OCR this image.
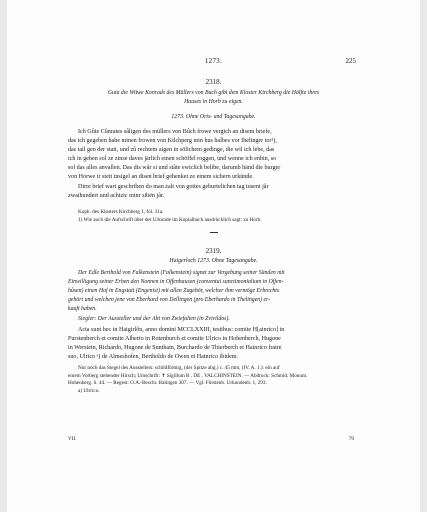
1273.	225
2318.
Guta die Witwe Konrads des Müllers von Buch gibt dem Kloster Kirchberg die Hälfte ihres
Hauses in Horb zu eigen.
1273. Ohne Orts- und Tagesangabe.
Ich Gûte Cûnrates sâligen des müllers von Bûch frowe vergich an disem briefe,
das ich gegeben habe minen frowen von Kilchperg min hus halbes vor Ihelinger tor¹),
das tail gen der statt, und zû rechtem aigen in sölichem gedinge, die wil ich lebe, das
ich in geben sol ze zinse daves järlich einen schöffel roggen, und wenne ich enbin, so
sol das alles anvallen. Das dis wâr si und stâte ewiclich belibe, darumb händ die burger
von Horwe ir stett insigel an disen brief gehenket ze einem sichern urkünde.
Dirre brief wart geschriben do man zalt von gottes geburtelichen tag tusent jâr
zwaihundert und achtzic minr sibën jâr.
Kopb. des Klosters Kirchberg 1, fol. 31a.
1) Wie auch die Aufschrift über der Urkunde im Kopialbuch ausdrücklich sagt: zu Horb.
2319.
Haigerloch 1273. Ohne Tagesangabe.
Der Edle Berthold von Falkenstein (Falkenstein) signet zur Vergebung seiner Sünden mit
Einwilligung seiner Erben den Nonnen in Offenhausen (conventui sanctimonialium in Offen-
hûsen) einen Hof in Engstatt (Engenist) mit allen Zugehör, welcher ihm vermöge Erbrechts
gehört und welchen jene von Eberhard von Dellingen (pro Eberhardo in Thelingen) er-
kauft haben.
Siegler: Der Aussteller und der Abt von Zwiefalten (in Zvivildos).
Acta sunt hec in Haigirlôn, anno domini MCCLXXIII, testibus: comite H[ainrico] in
Furstenberch et comite Alberto in Rotenburch et comite Ulrico in Hohenberch, Hugone
in Werstein, Richardo, Hugone de Sunthain, Burchardo de Thierberch et Hainrico fratre
suo, Ulrico ᵃ) de Almeshofen, Bertholdo de Owen et Hainrico ibidem.
Nur noch das Siegel des Ausstellers: schildförmig, (der Spitze abg.) c. 45 mm, (IV. A. 1.): ein auf
einem Vorberg stehender Hirsch; Umschrift: ✝ Sigillum B . DE . VALCHINSTEIN. — Abdruck: Schmid, Monum.
Hohenberg. S. 44. — Regest: O.A.-Beschr. Balingen 307. — Vgl. Fürstenb. Urkundenb. 1, 293.
a) Ulrrico.
VII.	79
